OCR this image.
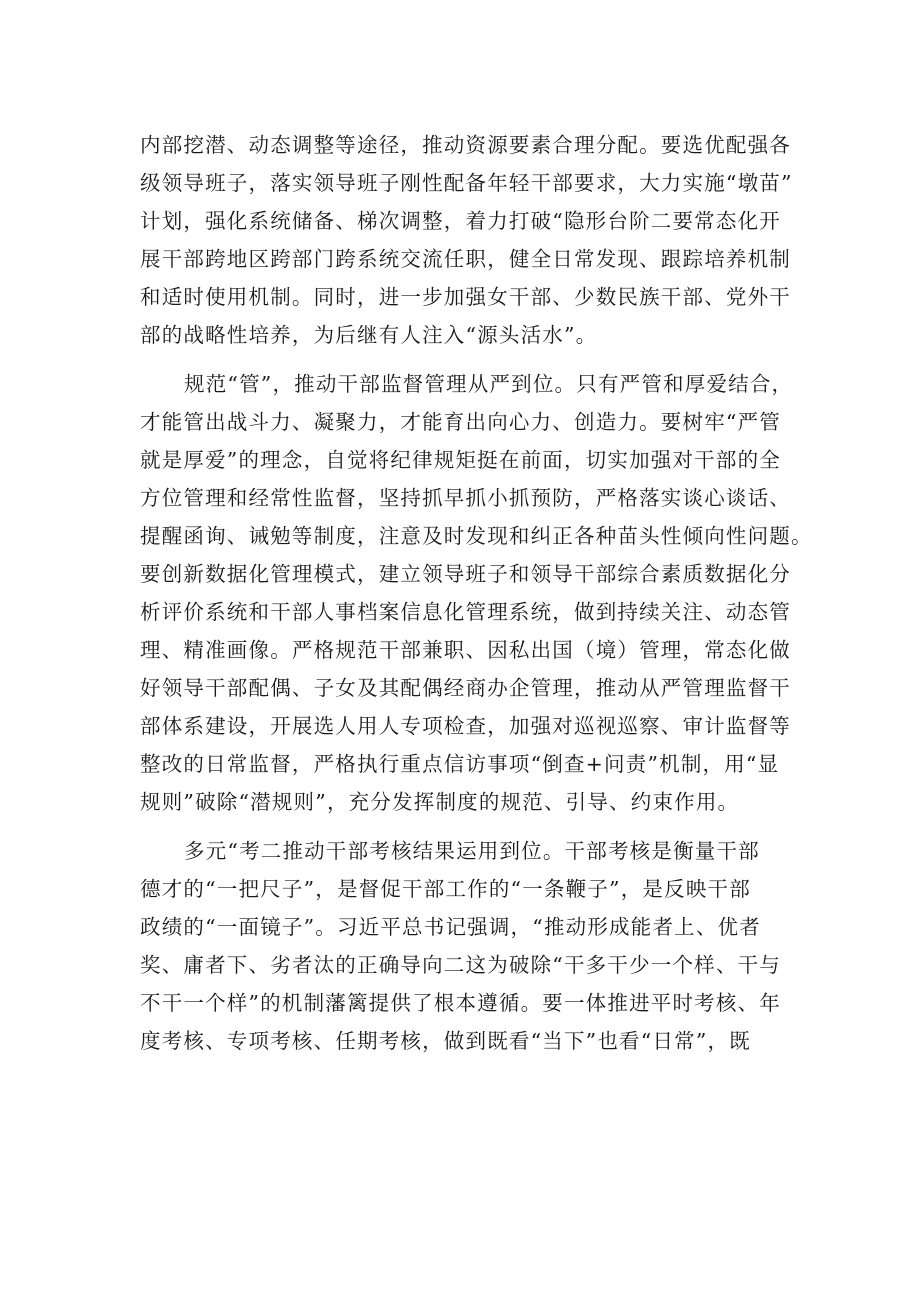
内部挖潜、动态调整等途径，推动资源要素合理分配。要选优配强各
级领导班子，落实领导班子刚性配备年轻干部要求，大力实施“墩苗”
计划，强化系统储备、梯次调整，着力打破“隐形台阶二要常态化开
展干部跨地区跨部门跨系统交流任职，健全日常发现、跟踪培养机制
和适时使用机制。同时，进一步加强女干部、少数民族干部、党外干
部的战略性培养，为后继有人注入“源头活水”。
规范“管”，推动干部监督管理从严到位。只有严管和厚爱结合，
才能管出战斗力、凝聚力，才能育出向心力、创造力。要树牢“严管
就是厚爱”的理念，自觉将纪律规矩挺在前面，切实加强对干部的全
方位管理和经常性监督，坚持抓早抓小抓预防，严格落实谈心谈话、
提醒函询、诫勉等制度，注意及时发现和纠正各种苗头性倾向性问题。
要创新数据化管理模式，建立领导班子和领导干部综合素质数据化分
析评价系统和干部人事档案信息化管理系统，做到持续关注、动态管
理、精准画像。严格规范干部兼职、因私出国（境）管理，常态化做
好领导干部配偶、子女及其配偶经商办企管理，推动从严管理监督干
部体系建设，开展选人用人专项检查，加强对巡视巡察、审计监督等
整改的日常监督，严格执行重点信访事项“倒查+问责”机制，用“显
规则”破除“潜规则”，充分发挥制度的规范、引导、约束作用。
多元“考二推动干部考核结果运用到位。干部考核是衡量干部
德才的“一把尺子”，是督促干部工作的“一条鞭子”，是反映干部
政绩的“一面镜子”。习近平总书记强调，“推动形成能者上、优者
奖、庸者下、劣者汰的正确导向二这为破除“干多干少一个样、干与
不干一个样”的机制藩篱提供了根本遵循。要一体推进平时考核、年
度考核、专项考核、任期考核，做到既看“当下”也看“日常”，既
